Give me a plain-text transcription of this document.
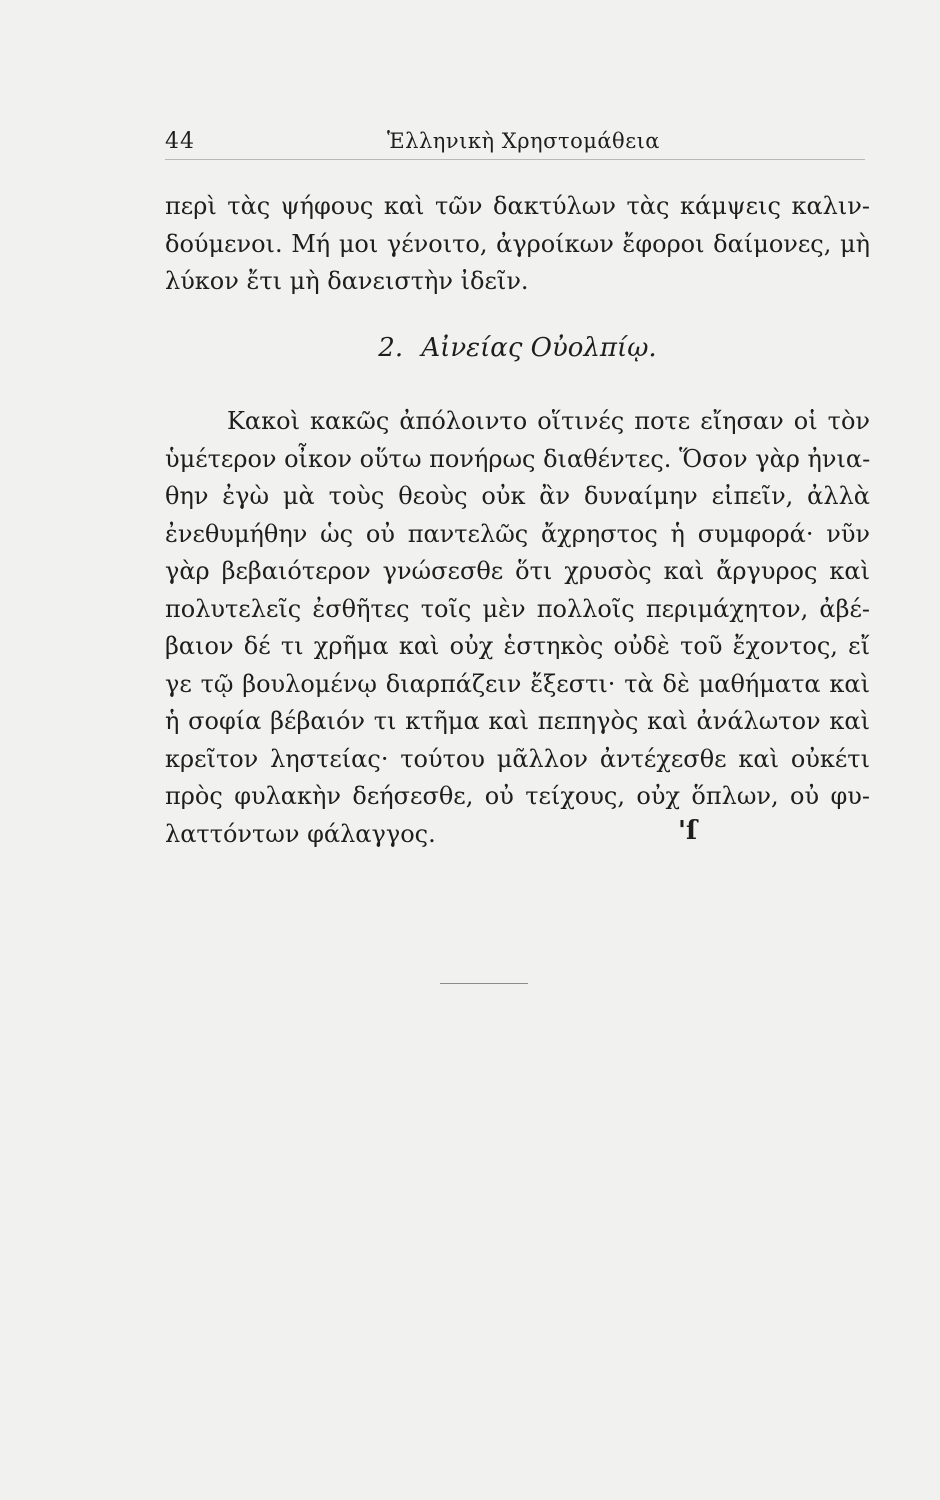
44	Ἑλληνικὴ Χρηστομάθεια
περὶ τὰς ψήφους καὶ τῶν δακτύλων τὰς κάμψεις καλιν-
δούμενοι. Μή μοι γένοιτο, ἀγροίκων ἔφοροι δαίμονες, μὴ
λύκον ἔτι μὴ δανειστὴν ἰδεῖν.
2. Αἰνείας Οὐολπίῳ.
Κακοὶ κακῶς ἀπόλοιντο οἵτινές ποτε εἴησαν οἱ τὸν
ὑμέτερον οἶκον οὕτω πονήρως διαθέντες. Ὅσον γὰρ ἠνια-
θην ἐγὼ μὰ τοὺς θεοὺς οὐκ ἂν δυναίμην εἰπεῖν, ἀλλὰ
ἐνεθυμήθην ὡς οὐ παντελῶς ἄχρηστος ἡ συμφορά· νῦν
γὰρ βεβαιότερον γνώσεσθε ὅτι χρυσὸς καὶ ἄργυρος καὶ
πολυτελεῖς ἐσθῆτες τοῖς μὲν πολλοῖς περιμάχητον, ἀβέ-
βαιον δέ τι χρῆμα καὶ οὐχ ἑστηκὸς οὐδὲ τοῦ ἔχοντος, εἴ
γε τῷ βουλομένῳ διαρπάζειν ἔξεστι· τὰ δὲ μαθήματα καὶ
ἡ σοφία βέβαιόν τι κτῆμα καὶ πεπηγὸς καὶ ἀνάλωτον καὶ
κρεῖτον ληστείας· τούτου μᾶλλον ἀντέχεσθε καὶ οὐκέτι
πρὸς φυλακὴν δεήσεσθε, οὐ τείχους, οὐχ ὅπλων, οὐ φυ-
λαττόντων φάλαγγος.	'ſ
